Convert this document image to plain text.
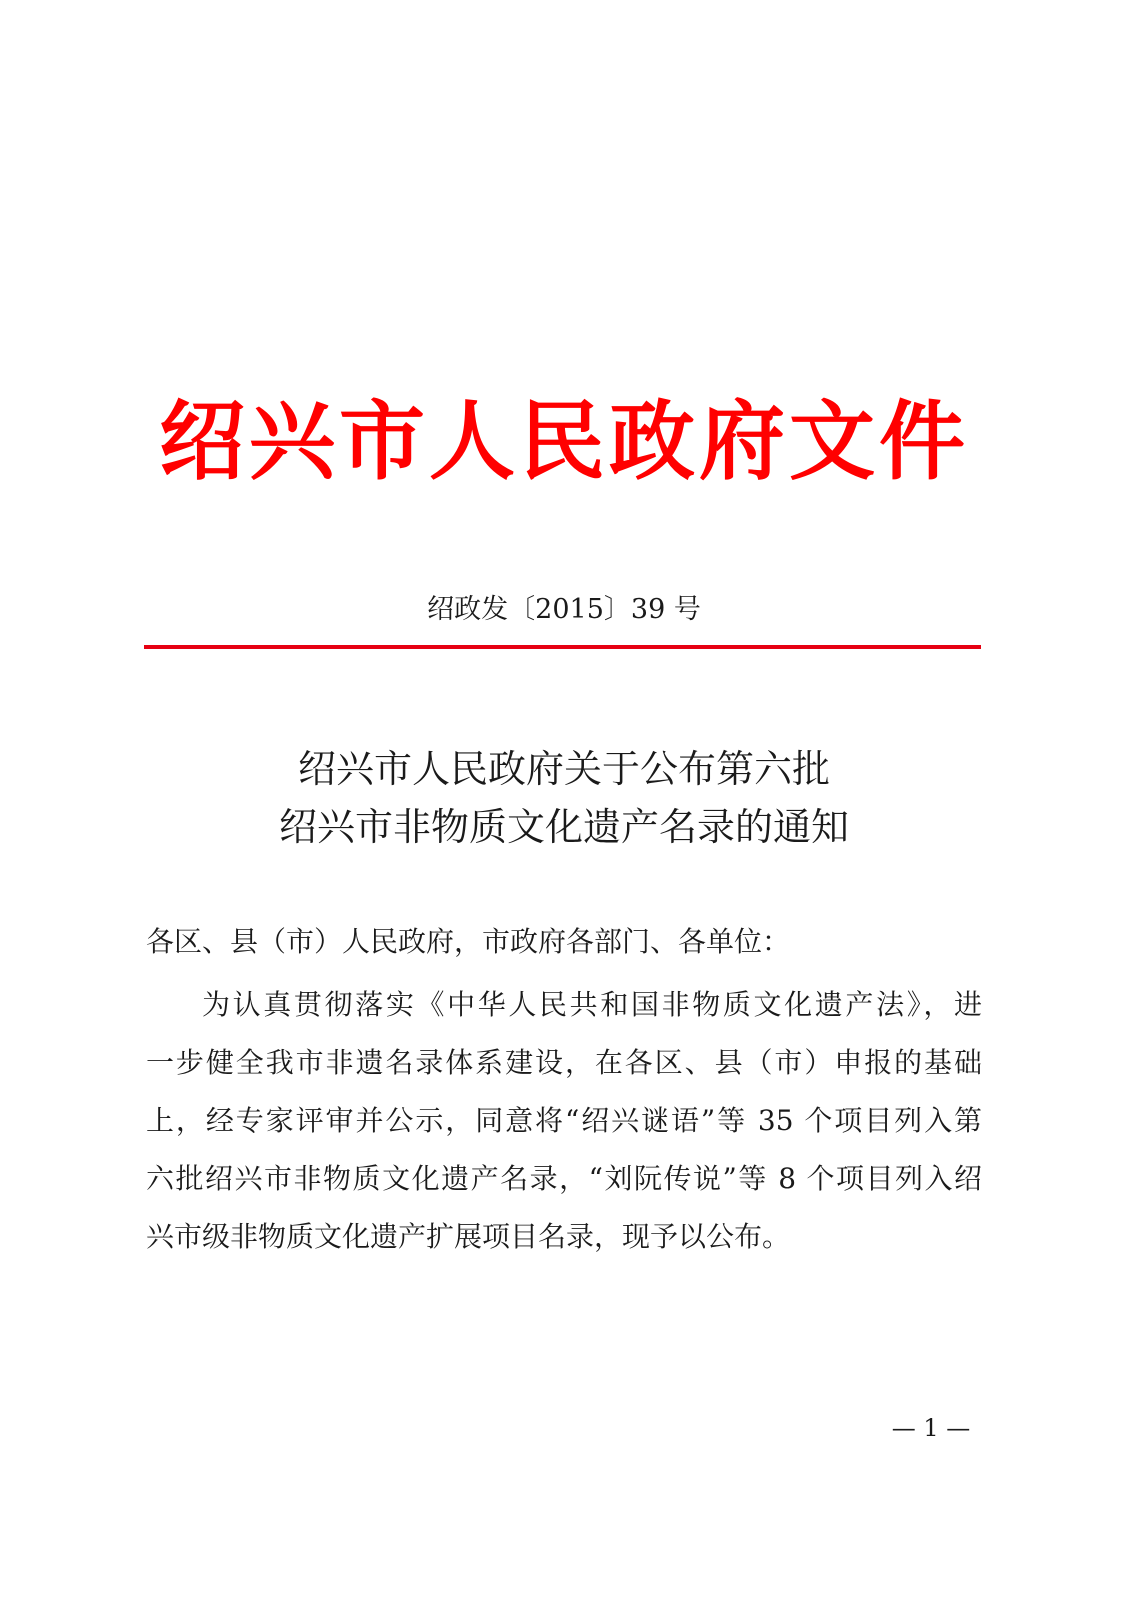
绍兴市人民政府文件
绍政发〔2015〕39 号
绍兴市人民政府关于公布第六批
绍兴市非物质文化遗产名录的通知
各区、县（市）人民政府，市政府各部门、各单位：
为认真贯彻落实《中华人民共和国非物质文化遗产法》，进
一步健全我市非遗名录体系建设，在各区、县（市）申报的基础
上，经专家评审并公示，同意将“绍兴谜语”等 35 个项目列入第
六批绍兴市非物质文化遗产名录，“刘阮传说”等 8 个项目列入绍
兴市级非物质文化遗产扩展项目名录，现予以公布。
— 1 —
